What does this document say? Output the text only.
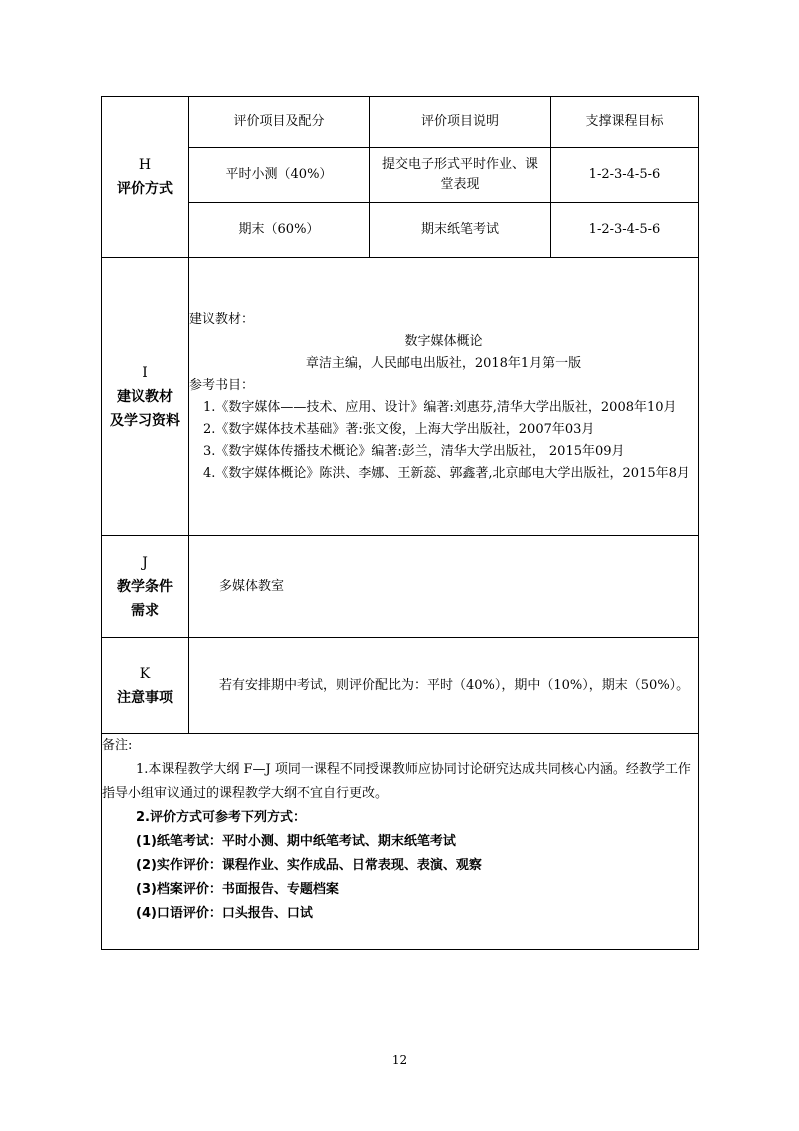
H
评价方式

评价项目及配分	评价项目说明	支撑课程目标
平时小测（40%）	提交电子形式平时作业、课堂表现	1-2-3-4-5-6
期末（60%）	期末纸笔考试	1-2-3-4-5-6

I
建议教材
及学习资料

建议教材：
数字媒体概论
章洁主编，人民邮电出版社，2018年1月第一版
参考书目：
1.《数字媒体——技术、应用、设计》编著:刘惠芬,清华大学出版社，2008年10月
2.《数字媒体技术基础》著:张文俊，上海大学出版社，2007年03月
3.《数字媒体传播技术概论》编著:彭兰，清华大学出版社， 2015年09月
4.《数字媒体概论》陈洪、李娜、王新蕊、郭鑫著,北京邮电大学出版社，2015年8月

J
教学条件
需求
	多媒体教室

K
注意事项
	若有安排期中考试，则评价配比为：平时（40%），期中（10%），期末（50%）。

备注:
1.本课程教学大纲 F—J 项同一课程不同授课教师应协同讨论研究达成共同核心内涵。经教学工作指导小组审议通过的课程教学大纲不宜自行更改。
2.评价方式可参考下列方式：
(1)纸笔考试：平时小测、期中纸笔考试、期末纸笔考试
(2)实作评价：课程作业、实作成品、日常表现、表演、观察
(3)档案评价：书面报告、专题档案
(4)口语评价：口头报告、口试
12
